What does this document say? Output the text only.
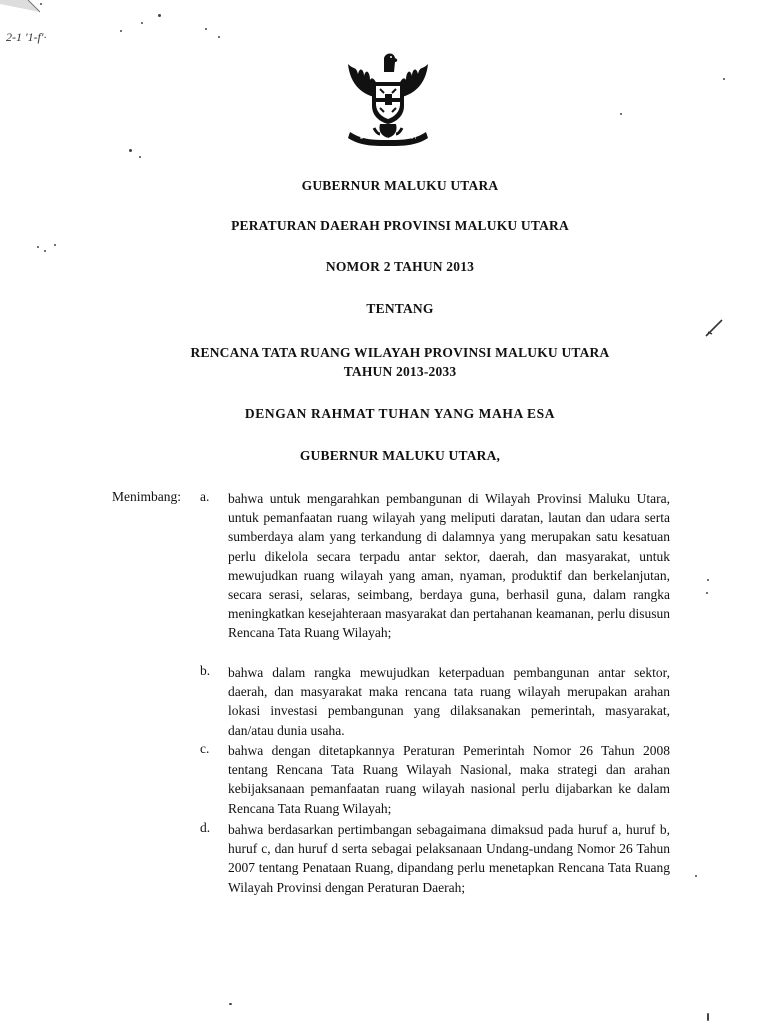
2-1 '1-f'·
GUBERNUR MALUKU UTARA
PERATURAN DAERAH PROVINSI MALUKU UTARA
NOMOR 2 TAHUN 2013
TENTANG
RENCANA TATA RUANG WILAYAH PROVINSI MALUKU UTARA
TAHUN 2013-2033
DENGAN RAHMAT TUHAN YANG MAHA ESA
GUBERNUR MALUKU UTARA,
Menimbang: a.	bahwa untuk mengarahkan pembangunan di Wilayah Provinsi Maluku Utara, untuk pemanfaatan ruang wilayah yang meliputi daratan, lautan dan udara serta sumberdaya alam yang terkandung di dalamnya yang merupakan satu kesatuan perlu dikelola secara terpadu antar sektor, daerah, dan masyarakat, untuk mewujudkan ruang wilayah yang aman, nyaman, produktif dan berkelanjutan, secara serasi, selaras, seimbang, berdaya guna, berhasil guna, dalam rangka meningkatkan kesejahteraan masyarakat dan pertahanan keamanan, perlu disusun Rencana Tata Ruang Wilayah;
b.	bahwa dalam rangka mewujudkan keterpaduan pembangunan antar sektor, daerah, dan masyarakat maka rencana tata ruang wilayah merupakan arahan lokasi investasi pembangunan yang dilaksanakan pemerintah, masyarakat, dan/atau dunia usaha.
c.	bahwa dengan ditetapkannya Peraturan Pemerintah Nomor 26 Tahun 2008 tentang Rencana Tata Ruang Wilayah Nasional, maka strategi dan arahan kebijaksanaan pemanfaatan ruang wilayah nasional perlu dijabarkan ke dalam Rencana Tata Ruang Wilayah;
d.	bahwa berdasarkan pertimbangan sebagaimana dimaksud pada huruf a, huruf b, huruf c, dan huruf d serta sebagai pelaksanaan Undang-undang Nomor 26 Tahun 2007 tentang Penataan Ruang, dipandang perlu menetapkan Rencana Tata Ruang Wilayah Provinsi dengan Peraturan Daerah;
